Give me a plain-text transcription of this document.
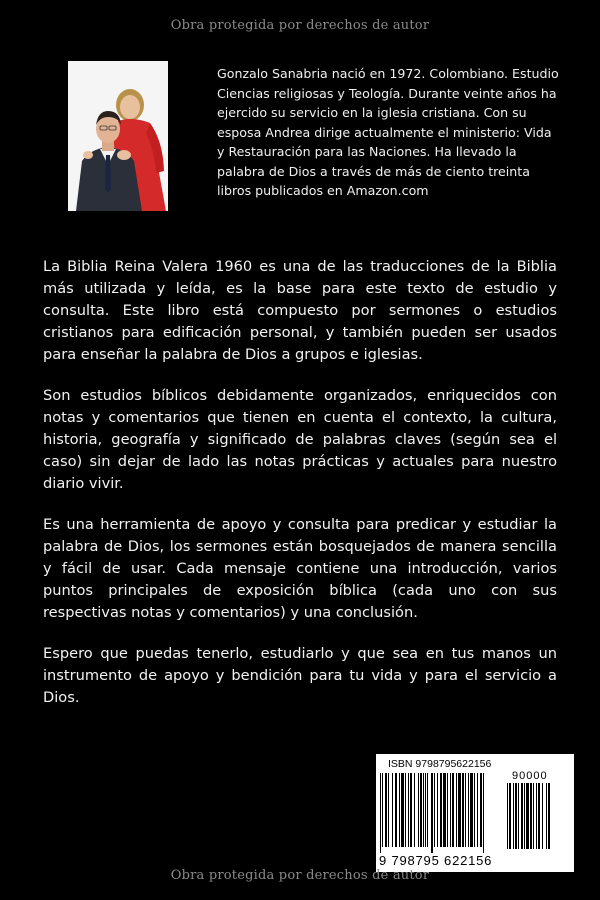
Obra protegida por derechos de autor
Gonzalo Sanabria nació en 1972. Colombiano. Estudio Ciencias religiosas y Teología. Durante veinte años ha ejercido su servicio en la iglesia cristiana. Con su esposa Andrea dirige actualmente el ministerio: Vida y Restauración para las Naciones. Ha llevado la palabra de Dios a través de más de ciento treinta libros publicados en Amazon.com

La Biblia Reina Valera 1960 es una de las traducciones de la Biblia más utilizada y leída, es la base para este texto de estudio y consulta. Este libro está compuesto por sermones o estudios cristianos para edificación personal, y también pueden ser usados para enseñar la palabra de Dios a grupos e iglesias.

Son estudios bíblicos debidamente organizados, enriquecidos con notas y comentarios que tienen en cuenta el contexto, la cultura, historia, geografía y significado de palabras claves (según sea el caso) sin dejar de lado las notas prácticas y actuales para nuestro diario vivir.

Es una herramienta de apoyo y consulta para predicar y estudiar la palabra de Dios, los sermones están bosquejados de manera sencilla y fácil de usar. Cada mensaje contiene una introducción, varios puntos principales de exposición bíblica (cada uno con sus respectivas notas y comentarios) y una conclusión.

Espero que puedas tenerlo, estudiarlo y que sea en tus manos un instrumento de apoyo y bendición para tu vida y para el servicio a Dios.

ISBN 9798795622156
90000
9 798795 622156
Obra protegida por derechos de autor
